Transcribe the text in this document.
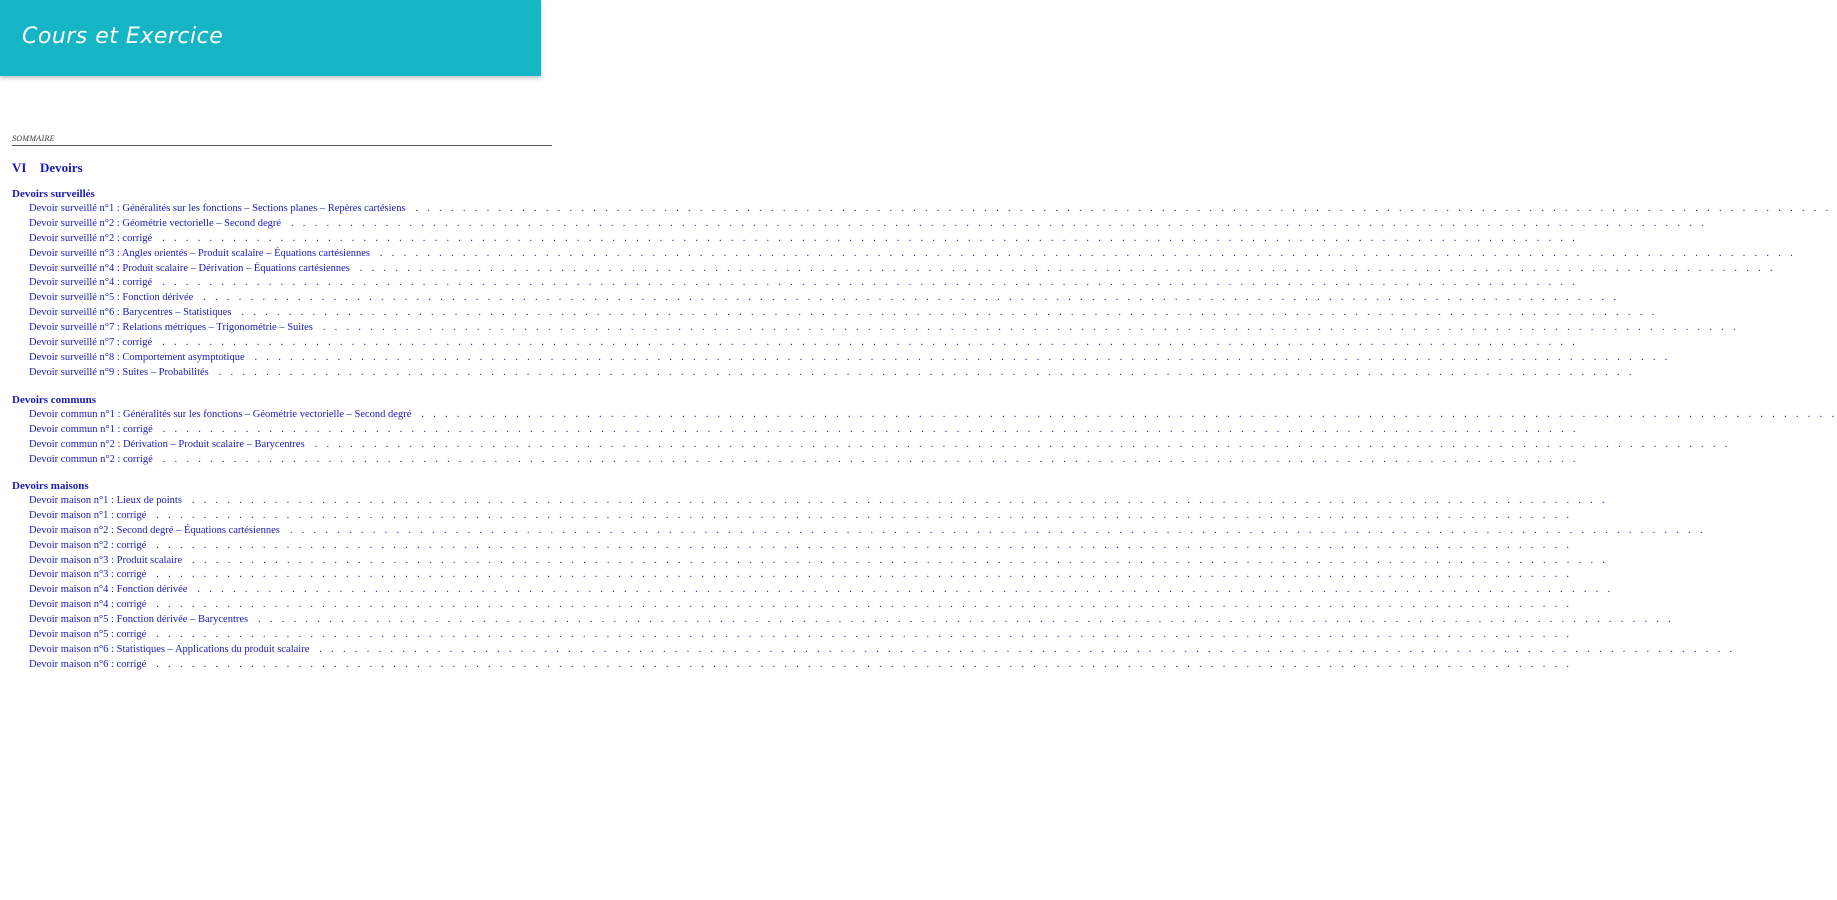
Cours et Exercice
SOMMAIRE
VI Devoirs
Devoirs surveillés
Devoir surveillé n°1 : Généralités sur les fonctions – Sections planes – Repères cartésiens . . . . . . . . . . . . . . . . . . . . . . . . . . . . . . . . . . . . . . . . . . . . . . . . . . . . . . . . . . . . . . . . . . . . . . . . . . . . . . . . . . . . . . . . . . . . . . . . . . . . . . . . . . . . . . . . . . . . . . . .
Devoir surveillé n°2 : Géométrie vectorielle – Second degré . . . . . . . . . . . . . . . . . . . . . . . . . . . . . . . . . . . . . . . . . . . . . . . . . . . . . . . . . . . . . . . . . . . . . . . . . . . . . . . . . . . . . . . . . . . . . . . . . . . . . . . . . . . . . . . . . . . . . . . .
Devoir surveillé n°2 : corrigé . . . . . . . . . . . . . . . . . . . . . . . . . . . . . . . . . . . . . . . . . . . . . . . . . . . . . . . . . . . . . . . . . . . . . . . . . . . . . . . . . . . . . . . . . . . . . . . . . . . . . . . . . . . . . . . . . . . . . . . .
Devoir surveillé n°3 : Angles orientés – Produit scalaire – Équations cartésiennes . . . . . . . . . . . . . . . . . . . . . . . . . . . . . . . . . . . . . . . . . . . . . . . . . . . . . . . . . . . . . . . . . . . . . . . . . . . . . . . . . . . . . . . . . . . . . . . . . . . . . . . . . . . . . . . . . . . . . . . .
Devoir surveillé n°4 : Produit scalaire – Dérivation – Équations cartésiennes . . . . . . . . . . . . . . . . . . . . . . . . . . . . . . . . . . . . . . . . . . . . . . . . . . . . . . . . . . . . . . . . . . . . . . . . . . . . . . . . . . . . . . . . . . . . . . . . . . . . . . . . . . . . . . . . . . . . . . . .
Devoir surveillé n°4 : corrigé . . . . . . . . . . . . . . . . . . . . . . . . . . . . . . . . . . . . . . . . . . . . . . . . . . . . . . . . . . . . . . . . . . . . . . . . . . . . . . . . . . . . . . . . . . . . . . . . . . . . . . . . . . . . . . . . . . . . . . . .
Devoir surveillé n°5 : Fonction dérivée . . . . . . . . . . . . . . . . . . . . . . . . . . . . . . . . . . . . . . . . . . . . . . . . . . . . . . . . . . . . . . . . . . . . . . . . . . . . . . . . . . . . . . . . . . . . . . . . . . . . . . . . . . . . . . . . . . . . . . . .
Devoir surveillé n°6 : Barycentres – Statistiques . . . . . . . . . . . . . . . . . . . . . . . . . . . . . . . . . . . . . . . . . . . . . . . . . . . . . . . . . . . . . . . . . . . . . . . . . . . . . . . . . . . . . . . . . . . . . . . . . . . . . . . . . . . . . . . . . . . . . . . .
Devoir surveillé n°7 : Relations métriques – Trigonométrie – Suites . . . . . . . . . . . . . . . . . . . . . . . . . . . . . . . . . . . . . . . . . . . . . . . . . . . . . . . . . . . . . . . . . . . . . . . . . . . . . . . . . . . . . . . . . . . . . . . . . . . . . . . . . . . . . . . . . . . . . . . .
Devoir surveillé n°7 : corrigé . . . . . . . . . . . . . . . . . . . . . . . . . . . . . . . . . . . . . . . . . . . . . . . . . . . . . . . . . . . . . . . . . . . . . . . . . . . . . . . . . . . . . . . . . . . . . . . . . . . . . . . . . . . . . . . . . . . . . . . .
Devoir surveillé n°8 : Comportement asymptotique . . . . . . . . . . . . . . . . . . . . . . . . . . . . . . . . . . . . . . . . . . . . . . . . . . . . . . . . . . . . . . . . . . . . . . . . . . . . . . . . . . . . . . . . . . . . . . . . . . . . . . . . . . . . . . . . . . . . . . . .
Devoir surveillé n°9 : Suites – Probabilités . . . . . . . . . . . . . . . . . . . . . . . . . . . . . . . . . . . . . . . . . . . . . . . . . . . . . . . . . . . . . . . . . . . . . . . . . . . . . . . . . . . . . . . . . . . . . . . . . . . . . . . . . . . . . . . . . . . . . . . .
Devoirs communs
Devoir commun n°1 : Généralités sur les fonctions – Géométrie vectorielle – Second degré . . . . . . . . . . . . . . . . . . . . . . . . . . . . . . . . . . . . . . . . . . . . . . . . . . . . . . . . . . . . . . . . . . . . . . . . . . . . . . . . . . . . . . . . . . . . . . . . . . . . . . . . . . . . . . . . . . . . . . . .
Devoir commun n°1 : corrigé . . . . . . . . . . . . . . . . . . . . . . . . . . . . . . . . . . . . . . . . . . . . . . . . . . . . . . . . . . . . . . . . . . . . . . . . . . . . . . . . . . . . . . . . . . . . . . . . . . . . . . . . . . . . . . . . . . . . . . . .
Devoir commun n°2 : Dérivation – Produit scalaire – Barycentres . . . . . . . . . . . . . . . . . . . . . . . . . . . . . . . . . . . . . . . . . . . . . . . . . . . . . . . . . . . . . . . . . . . . . . . . . . . . . . . . . . . . . . . . . . . . . . . . . . . . . . . . . . . . . . . . . . . . . . . .
Devoir commun n°2 : corrigé . . . . . . . . . . . . . . . . . . . . . . . . . . . . . . . . . . . . . . . . . . . . . . . . . . . . . . . . . . . . . . . . . . . . . . . . . . . . . . . . . . . . . . . . . . . . . . . . . . . . . . . . . . . . . . . . . . . . . . . .
Devoirs maisons
Devoir maison n°1 : Lieux de points . . . . . . . . . . . . . . . . . . . . . . . . . . . . . . . . . . . . . . . . . . . . . . . . . . . . . . . . . . . . . . . . . . . . . . . . . . . . . . . . . . . . . . . . . . . . . . . . . . . . . . . . . . . . . . . . . . . . . . . .
Devoir maison n°1 : corrigé . . . . . . . . . . . . . . . . . . . . . . . . . . . . . . . . . . . . . . . . . . . . . . . . . . . . . . . . . . . . . . . . . . . . . . . . . . . . . . . . . . . . . . . . . . . . . . . . . . . . . . . . . . . . . . . . . . . . . . . .
Devoir maison n°2 : Second degré – Équations cartésiennes . . . . . . . . . . . . . . . . . . . . . . . . . . . . . . . . . . . . . . . . . . . . . . . . . . . . . . . . . . . . . . . . . . . . . . . . . . . . . . . . . . . . . . . . . . . . . . . . . . . . . . . . . . . . . . . . . . . . . . . .
Devoir maison n°2 : corrigé . . . . . . . . . . . . . . . . . . . . . . . . . . . . . . . . . . . . . . . . . . . . . . . . . . . . . . . . . . . . . . . . . . . . . . . . . . . . . . . . . . . . . . . . . . . . . . . . . . . . . . . . . . . . . . . . . . . . . . . .
Devoir maison n°3 : Produit scalaire . . . . . . . . . . . . . . . . . . . . . . . . . . . . . . . . . . . . . . . . . . . . . . . . . . . . . . . . . . . . . . . . . . . . . . . . . . . . . . . . . . . . . . . . . . . . . . . . . . . . . . . . . . . . . . . . . . . . . . . .
Devoir maison n°3 : corrigé . . . . . . . . . . . . . . . . . . . . . . . . . . . . . . . . . . . . . . . . . . . . . . . . . . . . . . . . . . . . . . . . . . . . . . . . . . . . . . . . . . . . . . . . . . . . . . . . . . . . . . . . . . . . . . . . . . . . . . . .
Devoir maison n°4 : Fonction dérivée . . . . . . . . . . . . . . . . . . . . . . . . . . . . . . . . . . . . . . . . . . . . . . . . . . . . . . . . . . . . . . . . . . . . . . . . . . . . . . . . . . . . . . . . . . . . . . . . . . . . . . . . . . . . . . . . . . . . . . . .
Devoir maison n°4 : corrigé . . . . . . . . . . . . . . . . . . . . . . . . . . . . . . . . . . . . . . . . . . . . . . . . . . . . . . . . . . . . . . . . . . . . . . . . . . . . . . . . . . . . . . . . . . . . . . . . . . . . . . . . . . . . . . . . . . . . . . . .
Devoir maison n°5 : Fonction dérivée – Barycentres . . . . . . . . . . . . . . . . . . . . . . . . . . . . . . . . . . . . . . . . . . . . . . . . . . . . . . . . . . . . . . . . . . . . . . . . . . . . . . . . . . . . . . . . . . . . . . . . . . . . . . . . . . . . . . . . . . . . . . . .
Devoir maison n°5 : corrigé . . . . . . . . . . . . . . . . . . . . . . . . . . . . . . . . . . . . . . . . . . . . . . . . . . . . . . . . . . . . . . . . . . . . . . . . . . . . . . . . . . . . . . . . . . . . . . . . . . . . . . . . . . . . . . . . . . . . . . . .
Devoir maison n°6 : Statistiques – Applications du produit scalaire . . . . . . . . . . . . . . . . . . . . . . . . . . . . . . . . . . . . . . . . . . . . . . . . . . . . . . . . . . . . . . . . . . . . . . . . . . . . . . . . . . . . . . . . . . . . . . . . . . . . . . . . . . . . . . . . . . . . . . . .
Devoir maison n°6 : corrigé . . . . . . . . . . . . . . . . . . . . . . . . . . . . . . . . . . . . . . . . . . . . . . . . . . . . . . . . . . . . . . . . . . . . . . . . . . . . . . . . . . . . . . . . . . . . . . . . . . . . . . . . . . . . . . . . . . . . . . . .
